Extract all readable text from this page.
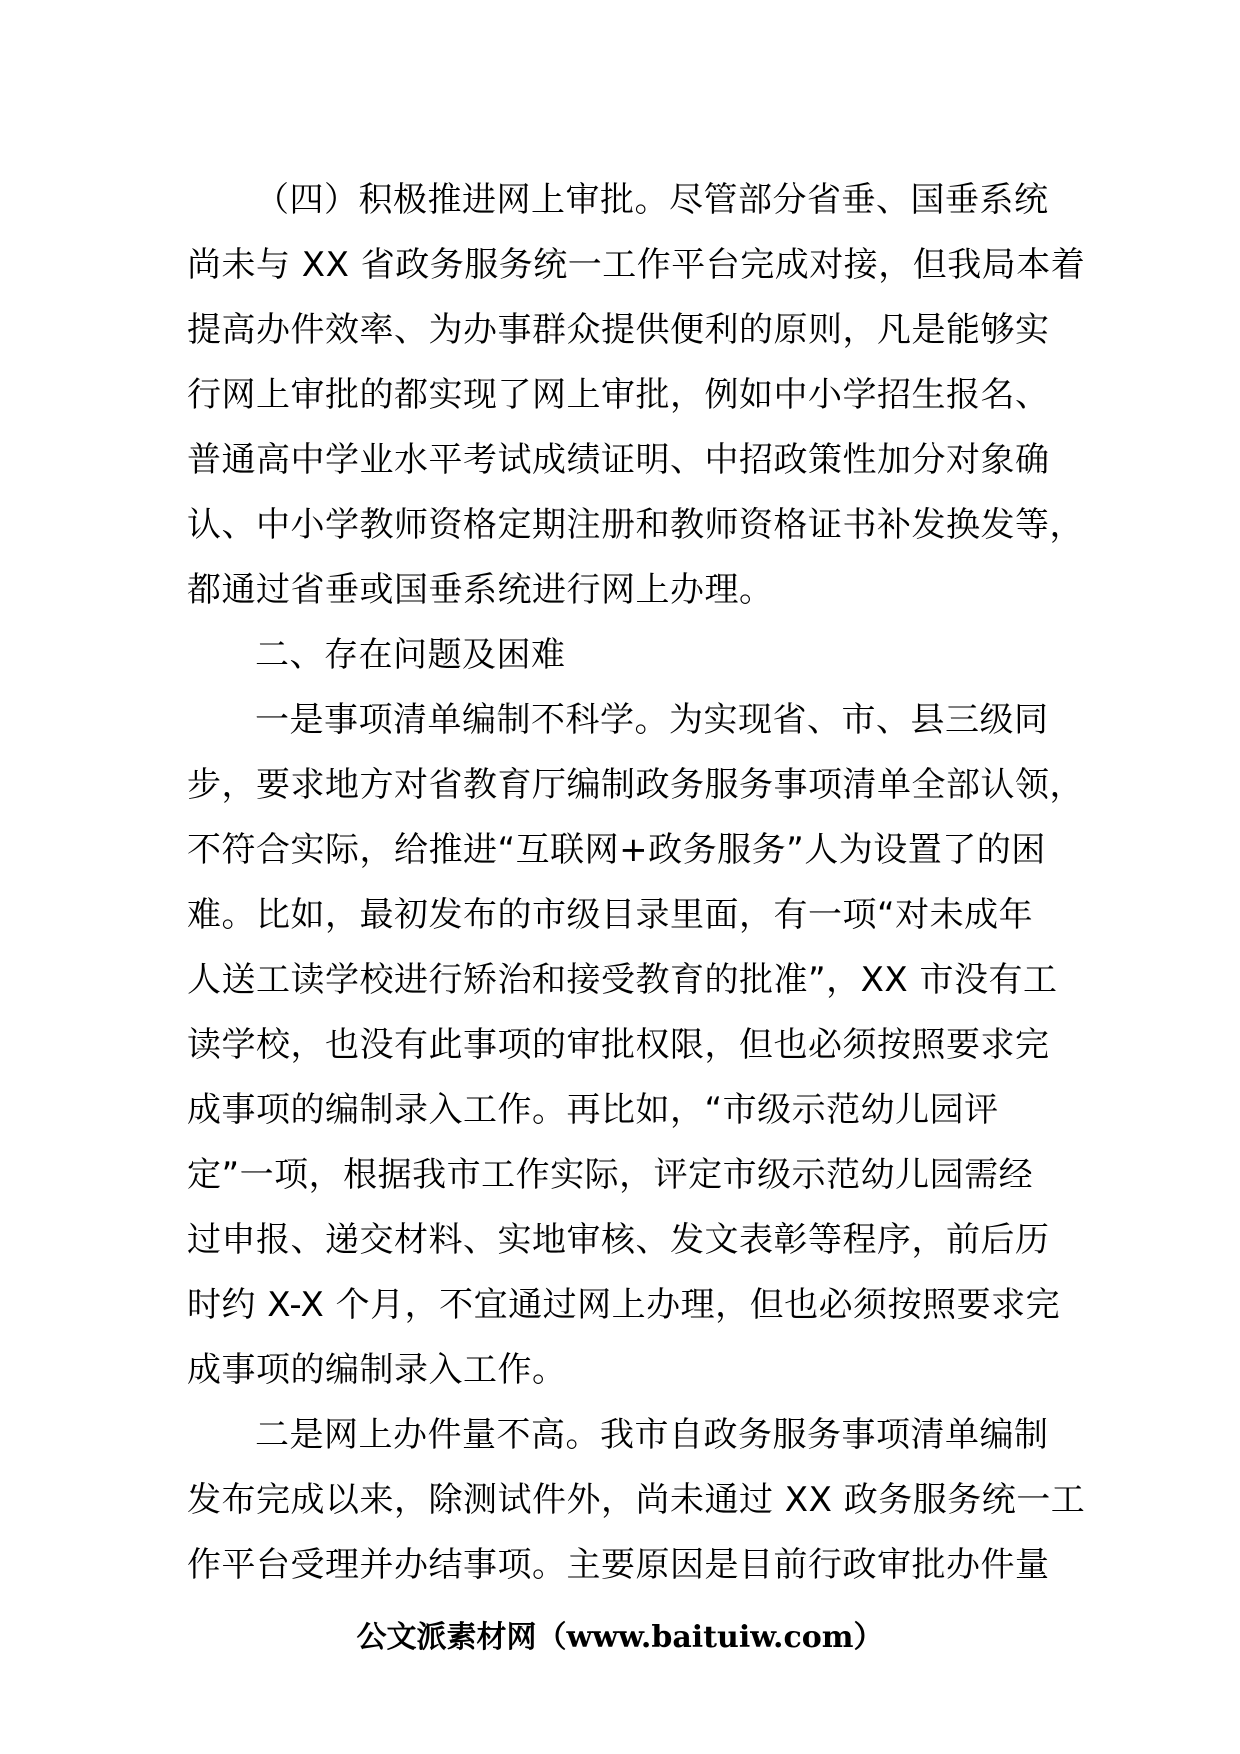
（四）积极推进网上审批。尽管部分省垂、国垂系统
尚未与 XX 省政务服务统一工作平台完成对接，但我局本着
提高办件效率、为办事群众提供便利的原则，凡是能够实
行网上审批的都实现了网上审批，例如中小学招生报名、
普通高中学业水平考试成绩证明、中招政策性加分对象确
认、中小学教师资格定期注册和教师资格证书补发换发等，
都通过省垂或国垂系统进行网上办理。
二、存在问题及困难
一是事项清单编制不科学。为实现省、市、县三级同
步，要求地方对省教育厅编制政务服务事项清单全部认领，
不符合实际，给推进“互联网+政务服务”人为设置了的困
难。比如，最初发布的市级目录里面，有一项“对未成年
人送工读学校进行矫治和接受教育的批准”，XX 市没有工
读学校，也没有此事项的审批权限，但也必须按照要求完
成事项的编制录入工作。再比如，“市级示范幼儿园评
定”一项，根据我市工作实际，评定市级示范幼儿园需经
过申报、递交材料、实地审核、发文表彰等程序，前后历
时约 X-X 个月，不宜通过网上办理，但也必须按照要求完
成事项的编制录入工作。
二是网上办件量不高。我市自政务服务事项清单编制
发布完成以来，除测试件外，尚未通过 XX 政务服务统一工
作平台受理并办结事项。主要原因是目前行政审批办件量
公文派素材网（www.baituiw.com）
